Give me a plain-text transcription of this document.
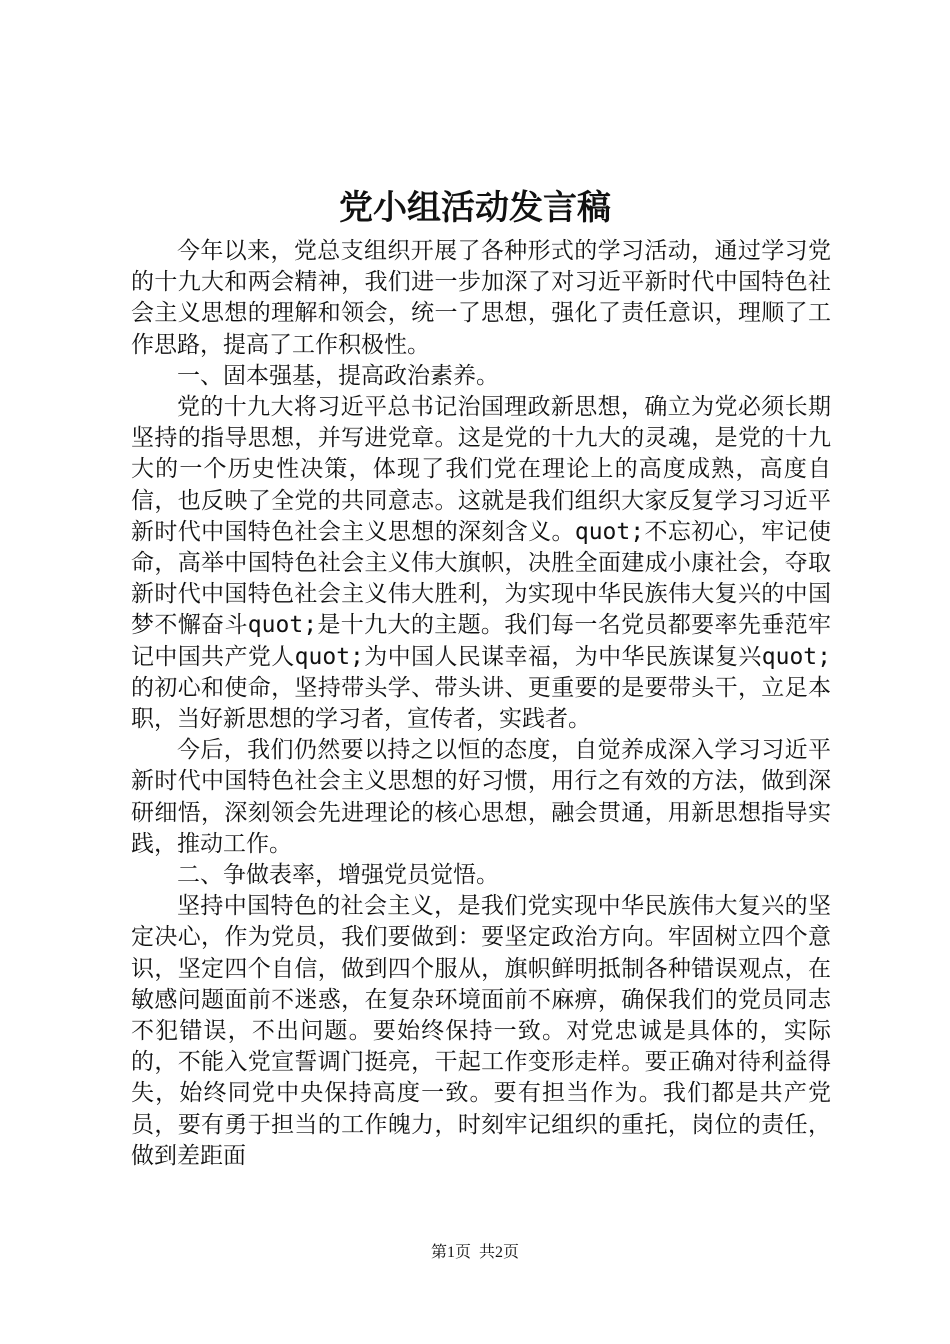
党小组活动发言稿

今年以来，党总支组织开展了各种形式的学习活动，通过学习党的十九大和两会精神，我们进一步加深了对习近平新时代中国特色社会主义思想的理解和领会，统一了思想，强化了责任意识，理顺了工作思路，提高了工作积极性。

一、固本强基，提高政治素养。

党的十九大将习近平总书记治国理政新思想，确立为党必须长期坚持的指导思想，并写进党章。这是党的十九大的灵魂，是党的十九大的一个历史性决策，体现了我们党在理论上的高度成熟，高度自信，也反映了全党的共同意志。这就是我们组织大家反复学习习近平新时代中国特色社会主义思想的深刻含义。quot;不忘初心，牢记使命，高举中国特色社会主义伟大旗帜，决胜全面建成小康社会，夺取新时代中国特色社会主义伟大胜利，为实现中华民族伟大复兴的中国梦不懈奋斗quot;是十九大的主题。我们每一名党员都要率先垂范牢记中国共产党人quot;为中国人民谋幸福，为中华民族谋复兴quot;的初心和使命，坚持带头学、带头讲、更重要的是要带头干，立足本职，当好新思想的学习者，宣传者，实践者。

今后，我们仍然要以持之以恒的态度，自觉养成深入学习习近平新时代中国特色社会主义思想的好习惯，用行之有效的方法，做到深研细悟，深刻领会先进理论的核心思想，融会贯通，用新思想指导实践，推动工作。

二、争做表率，增强党员觉悟。

坚持中国特色的社会主义，是我们党实现中华民族伟大复兴的坚定决心，作为党员，我们要做到：要坚定政治方向。牢固树立四个意识，坚定四个自信，做到四个服从，旗帜鲜明抵制各种错误观点，在敏感问题面前不迷惑，在复杂环境面前不麻痹，确保我们的党员同志不犯错误，不出问题。要始终保持一致。对党忠诚是具体的，实际的，不能入党宣誓调门挺亮，干起工作变形走样。要正确对待利益得失，始终同党中央保持高度一致。要有担当作为。我们都是共产党员，要有勇于担当的工作魄力，时刻牢记组织的重托，岗位的责任，做到差距面

第1页  共2页
